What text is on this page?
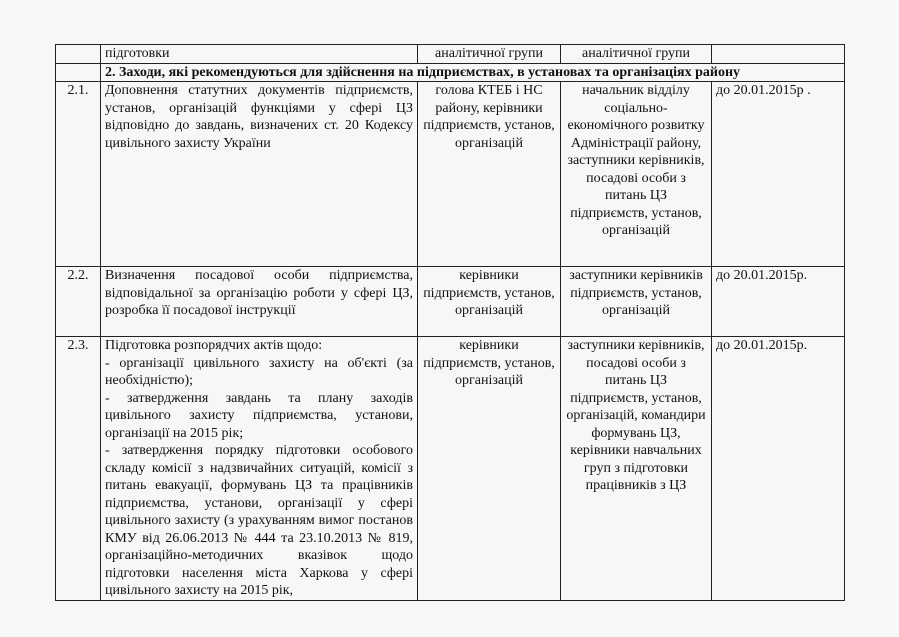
	підготовки	аналітичної групи	аналітичної групи	
	2. Заходи, які рекомендуються для здійснення на підприємствах, в установах та організаціях району			
2.1.	Доповнення статутних документів підприємств, установ, організацій функціями у сфері ЦЗ відповідно до завдань, визначених ст. 20 Кодексу цивільного захисту України	голова КТЕБ і НС району, керівники підприємств, установ, організацій	начальник відділу соціально-економічного розвитку Адміністрації району, заступники керівників, посадові особи з питань ЦЗ підприємств, установ, організацій	до 20.01.2015р .
2.2.	Визначення посадової особи підприємства, відповідальної за організацію роботи у сфері ЦЗ, розробка її посадової інструкції	керівники підприємств, установ, організацій	заступники керівників підприємств, установ, організацій	до 20.01.2015р.
2.3.	Підготовка розпорядчих актів щодо:
- організації цивільного захисту на об'єкті (за необхідністю);
- затвердження завдань та плану заходів цивільного захисту підприємства, установи, організації на 2015 рік;
- затвердження порядку підготовки особового складу комісії з надзвичайних ситуацій, комісії з питань евакуації, формувань ЦЗ та працівників підприємства, установи, організації у сфері цивільного захисту (з урахуванням вимог постанов КМУ від 26.06.2013 № 444 та 23.10.2013 № 819, організаційно-методичних вказівок щодо підготовки населення міста Харкова у сфері цивільного захисту на 2015 рік,	керівники підприємств, установ, організацій	заступники керівників, посадові особи з питань ЦЗ підприємств, установ, організацій, командири формувань ЦЗ, керівники навчальних груп з підготовки працівників з ЦЗ	до 20.01.2015р.
